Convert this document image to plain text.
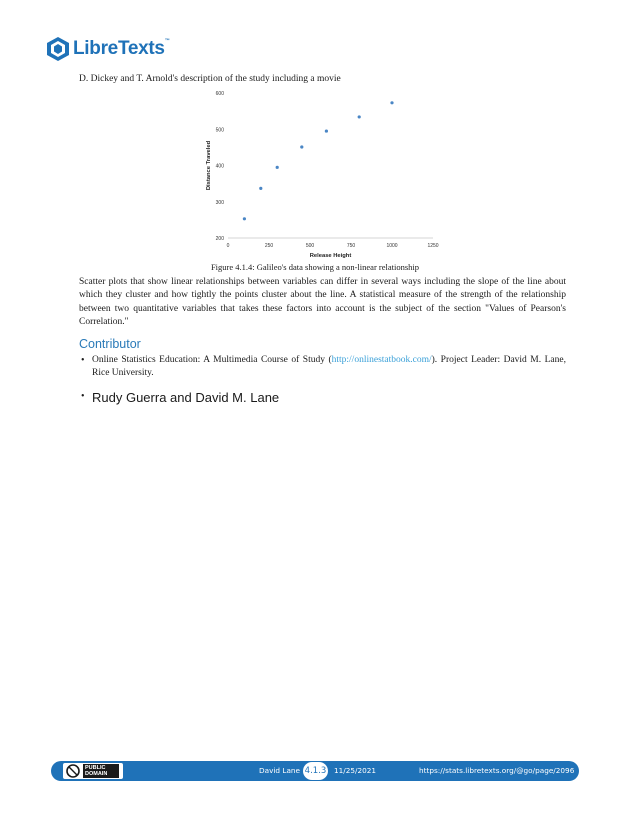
LibreTexts™
D. Dickey and T. Arnold's description of the study including a movie
0	250	500	750	1000	1250
200
300
400
500
600
Release Height
Distance Traveled
Figure 4.1.4: Galileo's data showing a non-linear relationship
Scatter plots that show linear relationships between variables can differ in several ways including the slope of the line about which they cluster and how tightly the points cluster about the line. A statistical measure of the strength of the relationship between two quantitative variables that takes these factors into account is the subject of the section "Values of Pearson's Correlation."
Contributor
• Online Statistics Education: A Multimedia Course of Study (http://onlinestatbook.com/). Project Leader: David M. Lane, Rice University.
• Rudy Guerra and David M. Lane
PUBLIC DOMAIN	David Lane 4.1.3 11/25/2021	https://stats.libretexts.org/@go/page/2096
